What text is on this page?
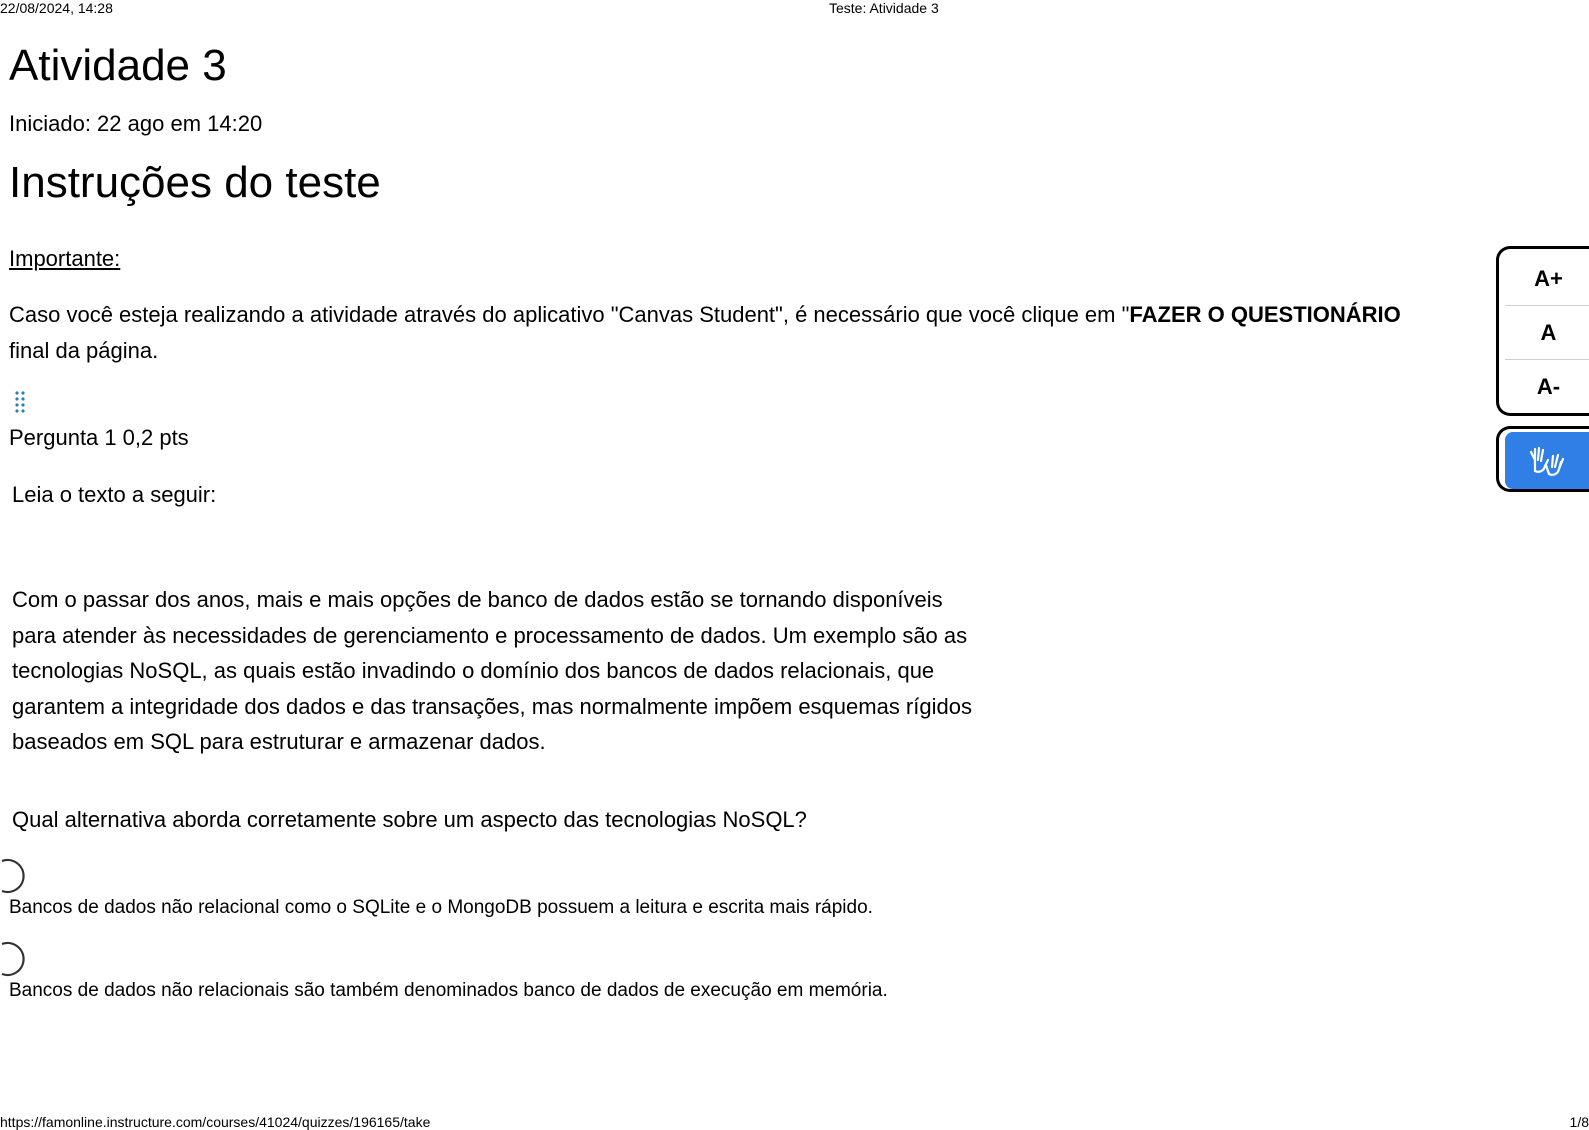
22/08/2024, 14:28	Teste: Atividade 3
Atividade 3
Iniciado: 22 ago em 14:20
Instruções do teste
Importante:
Caso você esteja realizando a atividade através do aplicativo "Canvas Student", é necessário que você clique em "FAZER O QUESTIONÁRIO
final da página.
Pergunta 1 0,2 pts
Leia o texto a seguir:
Com o passar dos anos, mais e mais opções de banco de dados estão se tornando disponíveis
para atender às necessidades de gerenciamento e processamento de dados. Um exemplo são as
tecnologias NoSQL, as quais estão invadindo o domínio dos bancos de dados relacionais, que
garantem a integridade dos dados e das transações, mas normalmente impõem esquemas rígidos
baseados em SQL para estruturar e armazenar dados.
Qual alternativa aborda corretamente sobre um aspecto das tecnologias NoSQL?
Bancos de dados não relacional como o SQLite e o MongoDB possuem a leitura e escrita mais rápido.
Bancos de dados não relacionais são também denominados banco de dados de execução em memória.
A+
A
A-
https://famonline.instructure.com/courses/41024/quizzes/196165/take	1/8
